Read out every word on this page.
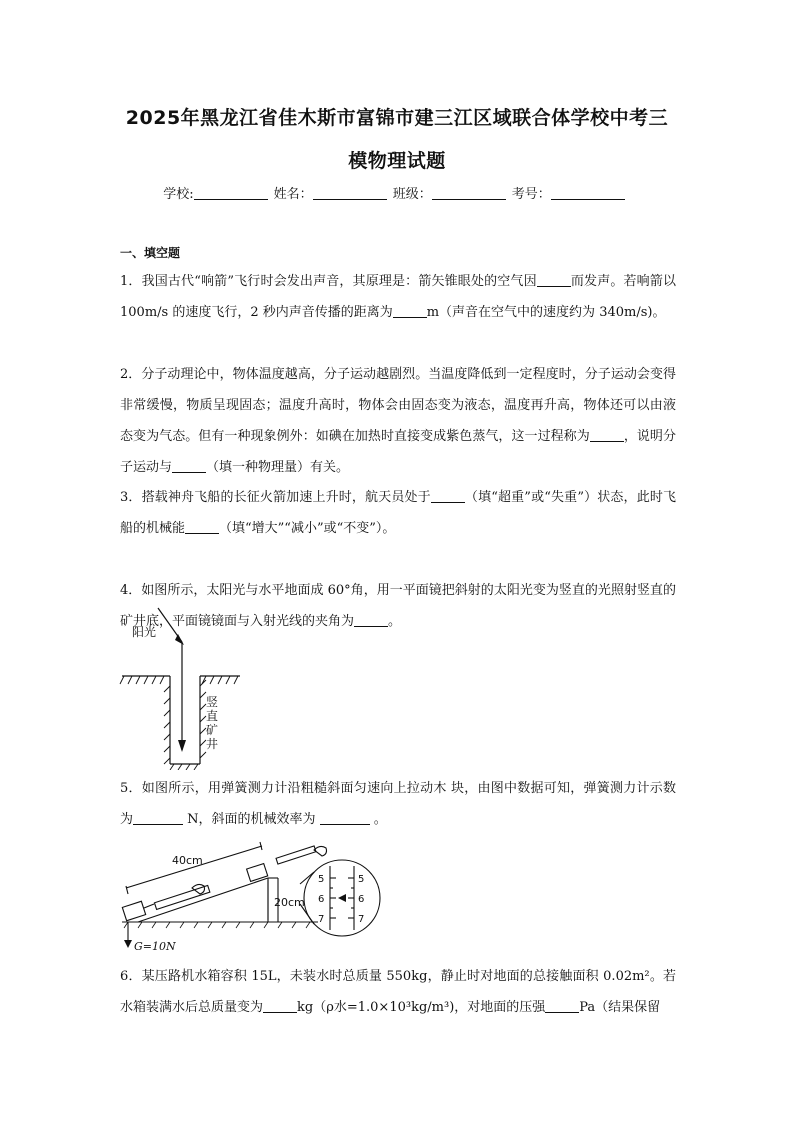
2025年黑龙江省佳木斯市富锦市建三江区域联合体学校中考三
模物理试题
学校:	姓名：	班级：	考号：
一、填空题
1．我国古代“响箭”飞行时会发出声音，其原理是：箭矢锥眼处的空气因	而发声。若响箭以 100m/s 的速度飞行，2 秒内声音传播的距离为	m（声音在空气中的速度约为 340m/s)。
2．分子动理论中，物体温度越高，分子运动越剧烈。当温度降低到一定程度时，分子运动会变得非常缓慢，物质呈现固态；温度升高时，物体会由固态变为液态，温度再升高，物体还可以由液态变为气态。但有一种现象例外：如碘在加热时直接变成紫色蒸气，这一过程称为	，说明分子运动与	（填一种物理量）有关。
3．搭载神舟飞船的长征火箭加速上升时，航天员处于	（填“超重”或“失重”）状态，此时飞船的机械能	（填“增大”“减小”或“不变”）。
4．如图所示，太阳光与水平地面成 60°角，用一平面镜把斜射的太阳光变为竖直的光照射竖直的矿井底，平面镜镜面与入射光线的夹角为	。
阳光
竖
直
矿
井
5．如图所示，用弹簧测力计沿粗糙斜面匀速向上拉动木 块，由图中数据可知，弹簧测力计示数为	N，斜面的机械效率为	。
40cm
20cm
G=10N
5
6
7
5
6
7
6．某压路机水箱容积 15L，未装水时总质量 550kg，静止时对地面的总接触面积 0.02m²。若水箱装满水后总质量变为	kg（ρ水=1.0×10³kg/m³)，对地面的压强	Pa（结果保留
